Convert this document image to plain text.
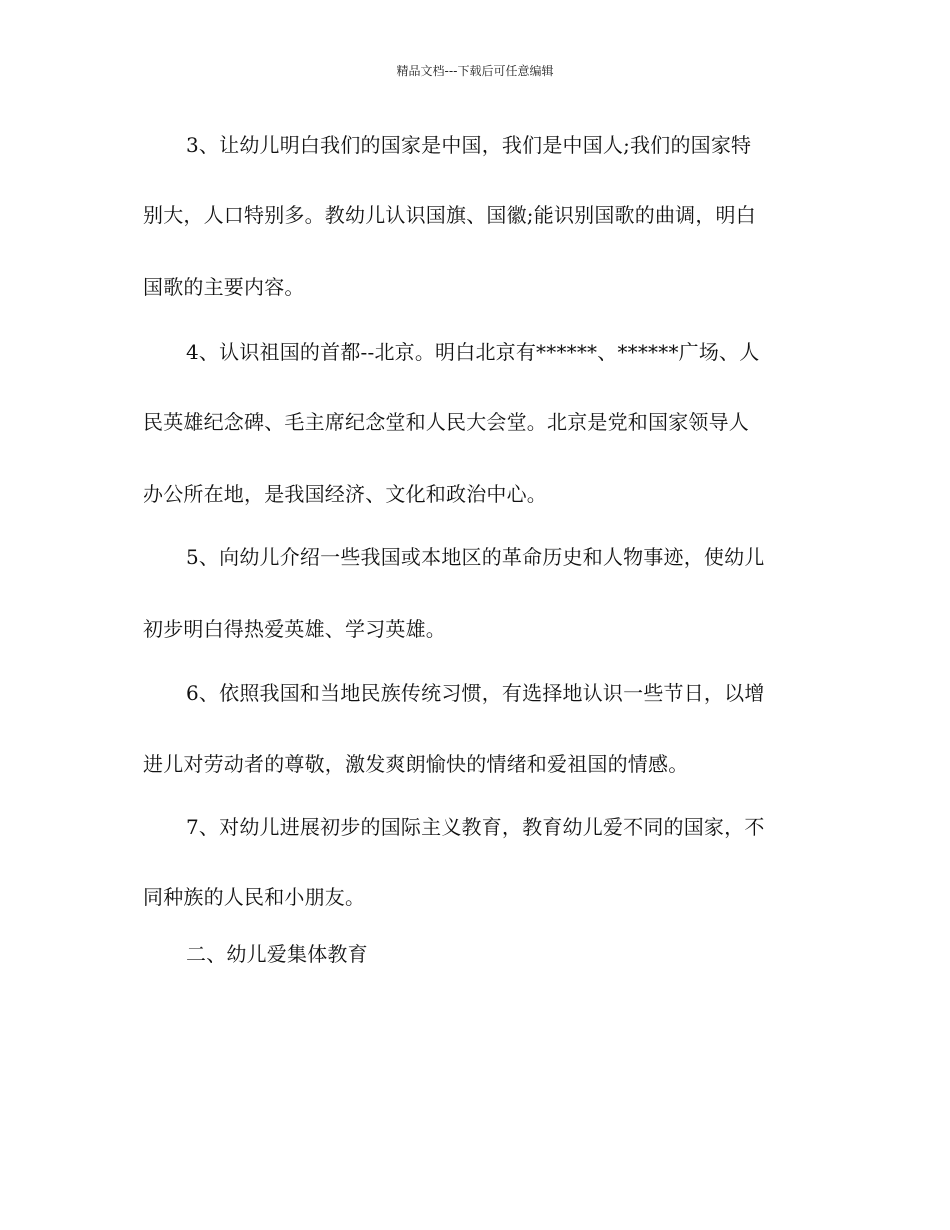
精品文档---下载后可任意编辑
3、让幼儿明白我们的国家是中国，我们是中国人;我们的国家特
别大，人口特别多。教幼儿认识国旗、国徽;能识别国歌的曲调，明白
国歌的主要内容。
4、认识祖国的首都--北京。明白北京有******、******广场、人
民英雄纪念碑、毛主席纪念堂和人民大会堂。北京是党和国家领导人
办公所在地，是我国经济、文化和政治中心。
5、向幼儿介绍一些我国或本地区的革命历史和人物事迹，使幼儿
初步明白得热爱英雄、学习英雄。
6、依照我国和当地民族传统习惯，有选择地认识一些节日，以增
进儿对劳动者的尊敬，激发爽朗愉快的情绪和爱祖国的情感。
7、对幼儿进展初步的国际主义教育，教育幼儿爱不同的国家，不
同种族的人民和小朋友。
二、幼儿爱集体教育
